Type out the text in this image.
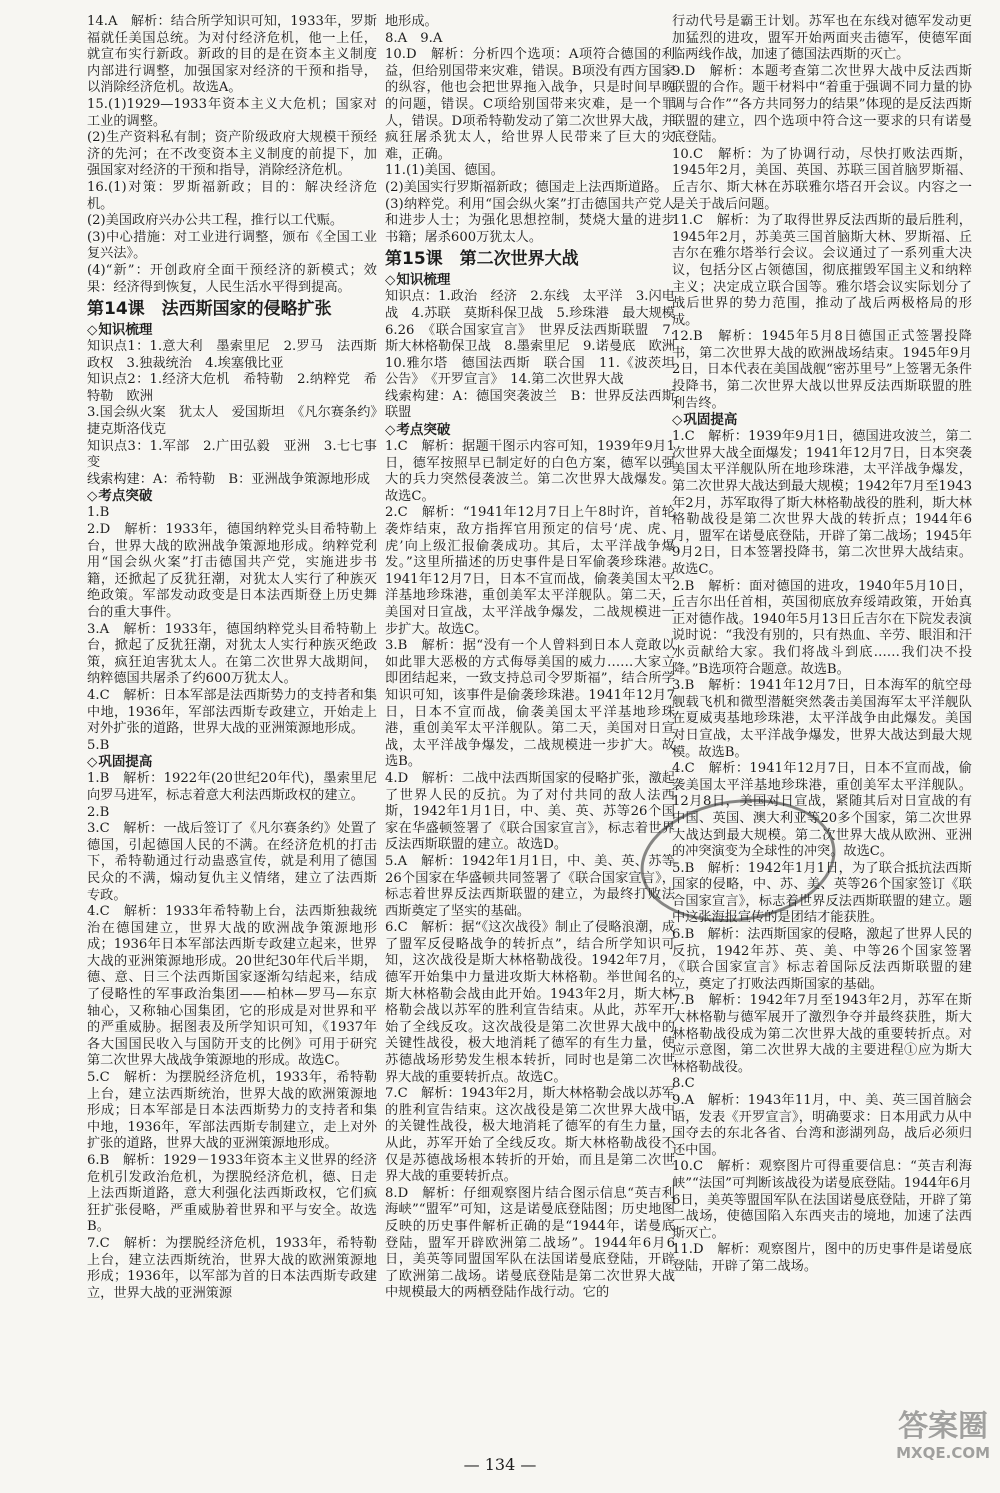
14.A　解析：结合所学知识可知，1933年，罗斯福就任美国总统。为对付经济危机，他一上任，就宣布实行新政。新政的目的是在资本主义制度内部进行调整，加强国家对经济的干预和指导，以消除经济危机。故选A。

15.(1)1929—1933年资本主义大危机；国家对工业的调整。

(2)生产资料私有制；资产阶级政府大规模干预经济的先河；在不改变资本主义制度的前提下，加强国家对经济的干预和指导，消除经济危机。

16.(1)对策：罗斯福新政；目的：解决经济危机。

(2)美国政府兴办公共工程，推行以工代赈。

(3)中心措施：对工业进行调整，颁布《全国工业复兴法》。

(4)“新”：开创政府全面干预经济的新模式；效果：经济得到恢复，人民生活水平得到提高。

第14课　法西斯国家的侵略扩张
◇ 知识梳理

知识点1：1.意大利　墨索里尼　2.罗马　法西斯政权　3.独裁统治　4.埃塞俄比亚

知识点2：1.经济大危机　希特勒　2.纳粹党　希特勒　欧洲

3.国会纵火案　犹太人　爱国斯坦　《凡尔赛条约》　捷克斯洛伐克

知识点3：1.军部　2.广田弘毅　亚洲　3.七七事变

线索构建：A：希特勒　B：亚洲战争策源地形成

◇ 考点突破

1.B

2.D　解析：1933年，德国纳粹党头目希特勒上台，世界大战的欧洲战争策源地形成。纳粹党利用“国会纵火案”打击德国共产党，实施进步书籍，还掀起了反犹狂潮，对犹太人实行了种族灭绝政策。军部发动政变是日本法西斯登上历史舞台的重大事件。

3.A　解析：1933年，德国纳粹党头目希特勒上台，掀起了反犹狂潮，对犹太人实行种族灭绝政策，疯狂迫害犹太人。在第二次世界大战期间，纳粹德国共屠杀了约600万犹太人。

4.C　解析：日本军部是法西斯势力的支持者和集中地，1936年，军部法西斯专政建立，开始走上对外扩张的道路，世界大战的亚洲策源地形成。

5.B

◇ 巩固提高

1.B　解析：1922年(20世纪20年代)，墨索里尼向罗马进军，标志着意大利法西斯政权的建立。

2.B

3.C　解析：一战后签订了《凡尔赛条约》处置了德国，引起德国人民的不满。在经济危机的打击下，希特勒通过行动蛊惑宣传，就是利用了德国民众的不满，煽动复仇主义情绪，建立了法西斯专政。

4.C　解析：1933年希特勒上台，法西斯独裁统治在德国建立，世界大战的欧洲战争策源地形成；1936年日本军部法西斯专政建立起来，世界大战的亚洲策源地形成。20世纪30年代后半期，德、意、日三个法西斯国家逐渐勾结起来，结成了侵略性的军事政治集团——柏林—罗马—东京轴心，又称轴心国集团，它的形成是对世界和平的严重威胁。据图表及所学知识可知，《1937年各大国国民收入与国防开支的比例》可用于研究第二次世界大战战争策源地的形成。故选C。

5.C　解析：为摆脱经济危机，1933年，希特勒上台，建立法西斯统治，世界大战的欧洲策源地形成；日本军部是日本法西斯势力的支持者和集中地，1936年，军部法西斯专制建立，走上对外扩张的道路，世界大战的亚洲策源地形成。

6.B　解析：1929－1933年资本主义世界的经济危机引发政治危机，为摆脱经济危机，德、日走上法西斯道路，意大利强化法西斯政权，它们疯狂扩张侵略，严重威胁着世界和平与安全。故选B。

7.C　解析：为摆脱经济危机，1933年，希特勒上台，建立法西斯统治，世界大战的欧洲策源地形成；1936年，以军部为首的日本法西斯专政建立，世界大战的亚洲策源

地形成。

8.A　9.A

10.D　解析：分析四个选项：A项符合德国的利益，但给别国带来灾难，错误。B项没有西方国家的纵容，他也会把世界拖入战争，只是时间早晚的问题，错误。C项给别国带来灾难，是一个罪人，错误。D项希特勒发动了第二次世界大战，并疯狂屠杀犹太人，给世界人民带来了巨大的灾难，正确。

11.(1)美国、德国。

(2)美国实行罗斯福新政；德国走上法西斯道路。

(3)纳粹党。利用“国会纵火案”打击德国共产党人和进步人士；为强化思想控制，焚烧大量的进步书籍；屠杀600万犹太人。

第15课　第二次世界大战
◇ 知识梳理

知识点：1.政治　经济　2.东线　太平洋　3.闪电战　4.苏联　莫斯科保卫战　5.珍珠港　最大规模　6.26　《联合国家宣言》　世界反法西斯联盟　7.斯大林格勒保卫战　8.墨索里尼　9.诺曼底　欧洲　10.雅尔塔　德国法西斯　联合国　11.《波茨坦公告》　《开罗宣言》　14.第二次世界大战

线索构建：A：德国突袭波兰　B：世界反法西斯联盟

◇ 考点突破

1.C　解析：据题干图示内容可知，1939年9月1日，德军按照早已制定好的白色方案，德军以强大的兵力突然侵袭波兰。第二次世界大战爆发。故选C。

2.C　解析：“1941年12月7日上午8时许，首轮袭炸结束，敌方指挥官用预定的信号‘虎、虎、虎’向上级汇报偷袭成功。其后，太平洋战争爆发。”这里所描述的历史事件是日军偷袭珍珠港。1941年12月7日，日本不宣而战，偷袭美国太平洋基地珍珠港，重创美军太平洋舰队。第二天，美国对日宣战，太平洋战争爆发，二战规模进一步扩大。故选C。

3.B　解析：据“没有一个人曾料到日本人竟敢以如此罪大恶极的方式侮辱美国的威力……大家立即团结起来，一致支持总司令罗斯福”，结合所学知识可知，该事件是偷袭珍珠港。1941年12月7日，日本不宣而战，偷袭美国太平洋基地珍珠港，重创美军太平洋舰队。第二天，美国对日宣战，太平洋战争爆发，二战规模进一步扩大。故选B。

4.D　解析：二战中法西斯国家的侵略扩张，激起了世界人民的反抗。为了对付共同的敌人法西斯，1942年1月1日，中、美、英、苏等26个国家在华盛顿签署了《联合国家宣言》，标志着世界反法西斯联盟的建立。故选D。

5.A　解析：1942年1月1日，中、美、英、苏等26个国家在华盛顿共同签署了《联合国家宣言》，标志着世界反法西斯联盟的建立，为最终打败法西斯奠定了坚实的基础。

6.C　解析：据“《这次战役》制止了侵略浪潮，成了盟军反侵略战争的转折点”，结合所学知识可知，这次战役是斯大林格勒战役。1942年7月，德军开始集中力量进攻斯大林格勒。举世闻名的斯大林格勒会战由此开始。1943年2月，斯大林格勒会战以苏军的胜利宣告结束。从此，苏军开始了全线反攻。这次战役是第二次世界大战中的关键性战役，极大地消耗了德军的有生力量，使苏德战场形势发生根本转折，同时也是第二次世界大战的重要转折点。故选C。

7.C　解析：1943年2月，斯大林格勒会战以苏军的胜利宣告结束。这次战役是第二次世界大战中的关键性战役，极大地消耗了德军的有生力量，从此，苏军开始了全线反攻。斯大林格勒战役不仅是苏德战场根本转折的开始，而且是第二次世界大战的重要转折点。

8.D　解析：仔细观察图片结合图示信息“英吉利海峡”“盟军”可知，这是诺曼底登陆图；历史地图反映的历史事件解析正确的是“1944年，诺曼底登陆，盟军开辟欧洲第二战场”。1944年6月6日，美英等同盟国军队在法国诺曼底登陆，开辟了欧洲第二战场。诺曼底登陆是第二次世界大战中规模最大的两栖登陆作战行动。它的

行动代号是霸王计划。苏军也在东线对德军发动更加猛烈的进攻，盟军开始两面夹击德军，使德军面临两线作战，加速了德国法西斯的灭亡。

9.D　解析：本题考查第二次世界大战中反法西斯联盟的合作。题干材料中“着重于强调不同力量的协调与合作”“各方共同努力的结果”体现的是反法西斯联盟的建立，四个选项中符合这一要求的只有诺曼底登陆。

10.C　解析：为了协调行动，尽快打败法西斯，1945年2月，美国、英国、苏联三国首脑罗斯福、丘吉尔、斯大林在苏联雅尔塔召开会议。内容之一是关于战后问题。

11.C　解析：为了取得世界反法西斯的最后胜利，1945年2月，苏美英三国首脑斯大林、罗斯福、丘吉尔在雅尔塔举行会议。会议通过了一系列重大决议，包括分区占领德国，彻底摧毁军国主义和纳粹主义；决定成立联合国等。雅尔塔会议实际划分了战后世界的势力范围，推动了战后两极格局的形成。

12.B　解析：1945年5月8日德国正式签署投降书，第二次世界大战的欧洲战场结束。1945年9月2日，日本代表在美国战舰“密苏里号”上签署无条件投降书，第二次世界大战以世界反法西斯联盟的胜利告终。

◇ 巩固提高

1.C　解析：1939年9月1日，德国进攻波兰，第二次世界大战全面爆发；1941年12月7日，日本突袭美国太平洋舰队所在地珍珠港，太平洋战争爆发，第二次世界大战达到最大规模；1942年7月至1943年2月，苏军取得了斯大林格勒战役的胜利，斯大林格勒战役是第二次世界大战的转折点；1944年6月，盟军在诺曼底登陆，开辟了第二战场；1945年9月2日，日本签署投降书，第二次世界大战结束。故选C。

2.B　解析：面对德国的进攻，1940年5月10日，丘吉尔出任首相，英国彻底放弃绥靖政策，开始真正对德作战。1940年5月13日丘吉尔在下院发表演说时说：“我没有别的，只有热血、辛劳、眼泪和汗水贡献给大家。我们将战斗到底……我们决不投降。”B选项符合题意。故选B。

3.B　解析：1941年12月7日，日本海军的航空母舰载飞机和微型潜艇突然袭击美国海军太平洋舰队在夏威夷基地珍珠港，太平洋战争由此爆发。美国对日宣战，太平洋战争爆发，世界大战达到最大规模。故选B。

4.C　解析：1941年12月7日，日本不宣而战，偷袭美国太平洋基地珍珠港，重创美军太平洋舰队。12月8日，美国对日宣战，紧随其后对日宣战的有中国、英国、澳大利亚等20多个国家，第二次世界大战达到最大规模。第二次世界大战从欧洲、亚洲的冲突演变为全球性的冲突。故选C。

5.B　解析：1942年1月1日，为了联合抵抗法西斯国家的侵略，中、苏、美、英等26个国家签订《联合国家宣言》，标志着世界反法西斯联盟的建立。题中这张海报宣传的是团结才能获胜。

6.B　解析：法西斯国家的侵略，激起了世界人民的反抗，1942年苏、英、美、中等26个国家签署《联合国家宣言》标志着国际反法西斯联盟的建立，奠定了打败法西斯国家的基础。

7.B　解析：1942年7月至1943年2月，苏军在斯大林格勒与德军展开了激烈争夺并最终获胜，斯大林格勒战役成为第二次世界大战的重要转折点。对应示意图，第二次世界大战的主要进程①应为斯大林格勒战役。

8.C

9.A　解析：1943年11月，中、美、英三国首脑会晤，发表《开罗宣言》，明确要求：日本用武力从中国夺去的东北各省、台湾和澎湖列岛，战后必须归还中国。

10.C　解析：观察图片可得重要信息：“英吉利海峡”“法国”可判断该战役为诺曼底登陆。1944年6月6日，美英等盟国军队在法国诺曼底登陆，开辟了第二战场，使德国陷入东西夹击的境地，加速了法西斯灭亡。

11.D　解析：观察图片，图中的历史事件是诺曼底登陆，开辟了第二战场。

— 134 —
答案圈
MXQE.COM
